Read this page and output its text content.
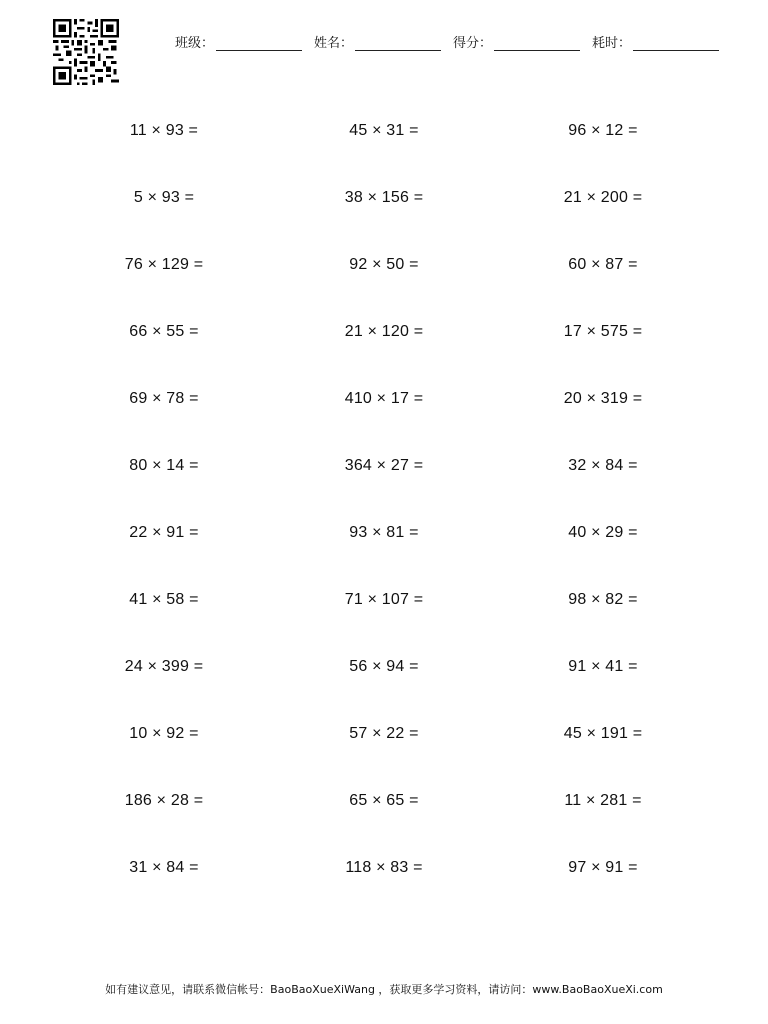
班级：	姓名：	得分：	耗时：
11 × 93 =	45 × 31 =	96 × 12 =
5 × 93 =	38 × 156 =	21 × 200 =
76 × 129 =	92 × 50 =	60 × 87 =
66 × 55 =	21 × 120 =	17 × 575 =
69 × 78 =	410 × 17 =	20 × 319 =
80 × 14 =	364 × 27 =	32 × 84 =
22 × 91 =	93 × 81 =	40 × 29 =
41 × 58 =	71 × 107 =	98 × 82 =
24 × 399 =	56 × 94 =	91 × 41 =
10 × 92 =	57 × 22 =	45 × 191 =
186 × 28 =	65 × 65 =	11 × 281 =
31 × 84 =	118 × 83 =	97 × 91 =
如有建议意见，请联系微信帐号：BaoBaoXueXiWang ，获取更多学习资料，请访问：www.BaoBaoXueXi.com
